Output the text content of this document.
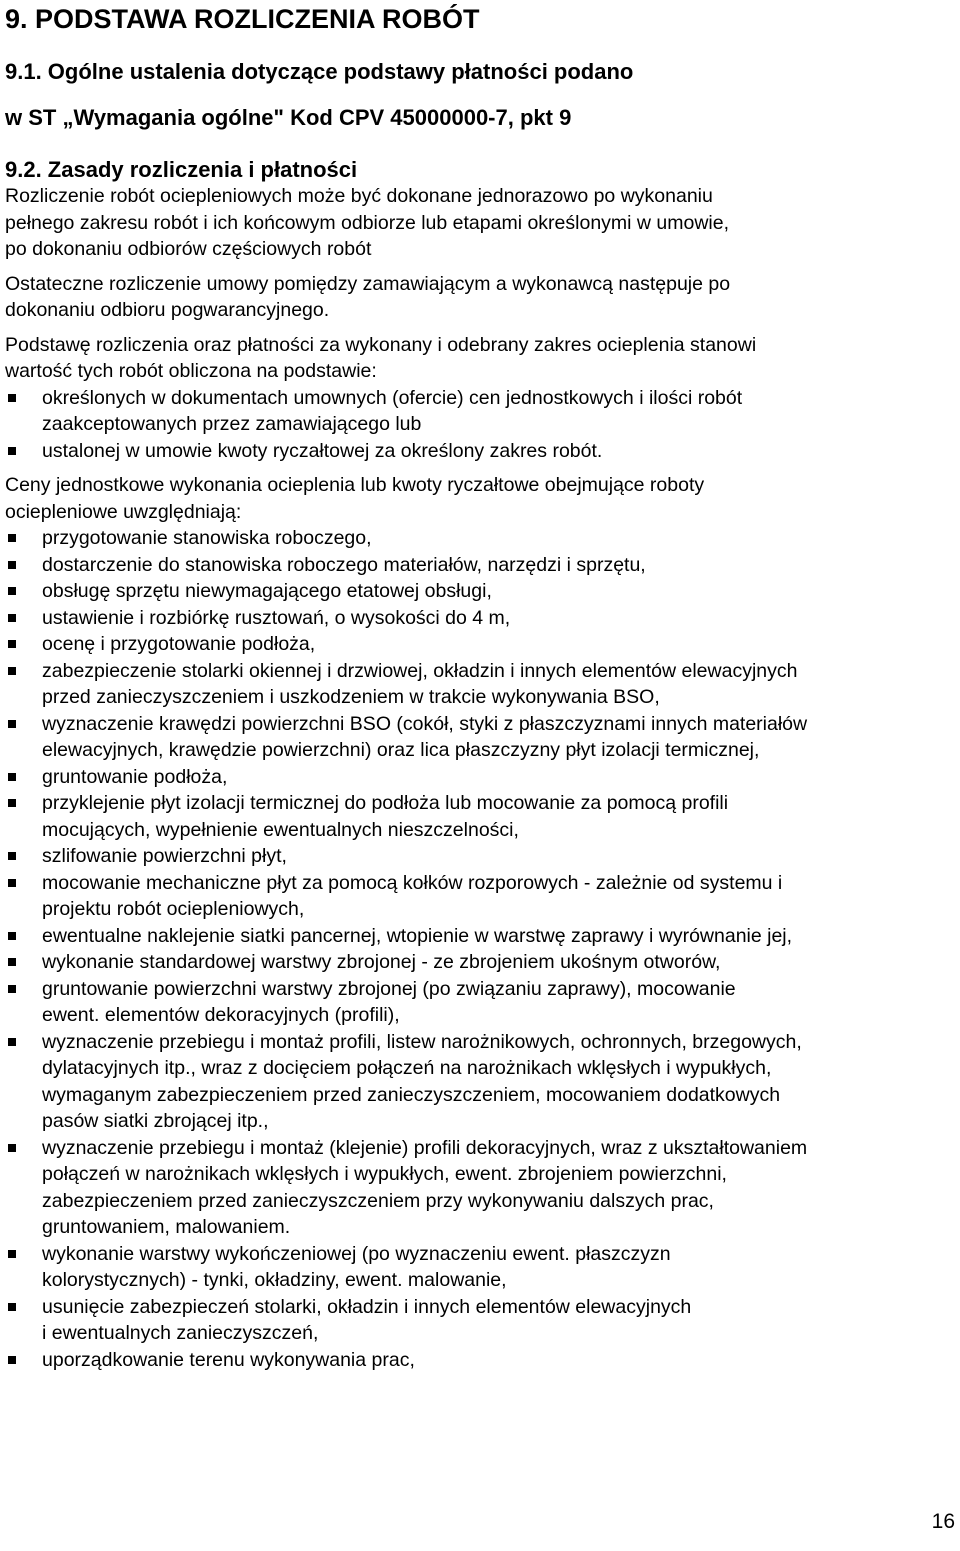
9. PODSTAWA ROZLICZENIA ROBÓT
9.1. Ogólne ustalenia dotyczące podstawy płatności podano
w ST „Wymagania ogólne" Kod CPV 45000000-7, pkt 9
9.2. Zasady rozliczenia i płatności
Rozliczenie robót ociepleniowych może być dokonane jednorazowo po wykonaniu
pełnego zakresu robót i ich końcowym odbiorze lub etapami określonymi w umowie,
po dokonaniu odbiorów częściowych robót
Ostateczne rozliczenie umowy pomiędzy zamawiającym a wykonawcą następuje po
dokonaniu odbioru pogwarancyjnego.
Podstawę rozliczenia oraz płatności za wykonany i odebrany zakres ocieplenia stanowi
wartość tych robót obliczona na podstawie:
określonych w dokumentach umownych (ofercie) cen jednostkowych i ilości robót
zaakceptowanych przez zamawiającego lub
ustalonej w umowie kwoty ryczałtowej za określony zakres robót.
Ceny jednostkowe wykonania ocieplenia lub kwoty ryczałtowe obejmujące roboty
ociepleniowe uwzględniają:
przygotowanie stanowiska roboczego,
dostarczenie do stanowiska roboczego materiałów, narzędzi i sprzętu,
obsługę sprzętu niewymagającego etatowej obsługi,
ustawienie i rozbiórkę rusztowań, o wysokości do 4 m,
ocenę i przygotowanie podłoża,
zabezpieczenie stolarki okiennej i drzwiowej, okładzin i innych elementów elewacyjnych
przed zanieczyszczeniem i uszkodzeniem w trakcie wykonywania BSO,
wyznaczenie krawędzi powierzchni BSO (cokół, styki z płaszczyznami innych materiałów
elewacyjnych, krawędzie powierzchni) oraz lica płaszczyzny płyt izolacji termicznej,
gruntowanie podłoża,
przyklejenie płyt izolacji termicznej do podłoża lub mocowanie za pomocą profili
mocujących, wypełnienie ewentualnych nieszczelności,
szlifowanie powierzchni płyt,
mocowanie mechaniczne płyt za pomocą kołków rozporowych - zależnie od systemu i
projektu robót ociepleniowych,
ewentualne naklejenie siatki pancernej, wtopienie w warstwę zaprawy i wyrównanie jej,
wykonanie standardowej warstwy zbrojonej - ze zbrojeniem ukośnym otworów,
gruntowanie powierzchni warstwy zbrojonej (po związaniu zaprawy), mocowanie
ewent. elementów dekoracyjnych (profili),
wyznaczenie przebiegu i montaż profili, listew narożnikowych, ochronnych, brzegowych,
dylatacyjnych itp., wraz z docięciem połączeń na narożnikach wklęsłych i wypukłych,
wymaganym zabezpieczeniem przed zanieczyszczeniem, mocowaniem dodatkowych
pasów siatki zbrojącej itp.,
wyznaczenie przebiegu i montaż (klejenie) profili dekoracyjnych, wraz z ukształtowaniem
połączeń w narożnikach wklęsłych i wypukłych, ewent. zbrojeniem powierzchni,
zabezpieczeniem przed zanieczyszczeniem przy wykonywaniu dalszych prac,
gruntowaniem, malowaniem.
wykonanie warstwy wykończeniowej (po wyznaczeniu ewent. płaszczyzn
kolorystycznych) - tynki, okładziny, ewent. malowanie,
usunięcie zabezpieczeń stolarki, okładzin i innych elementów elewacyjnych
i ewentualnych zanieczyszczeń,
uporządkowanie terenu wykonywania prac,
16
